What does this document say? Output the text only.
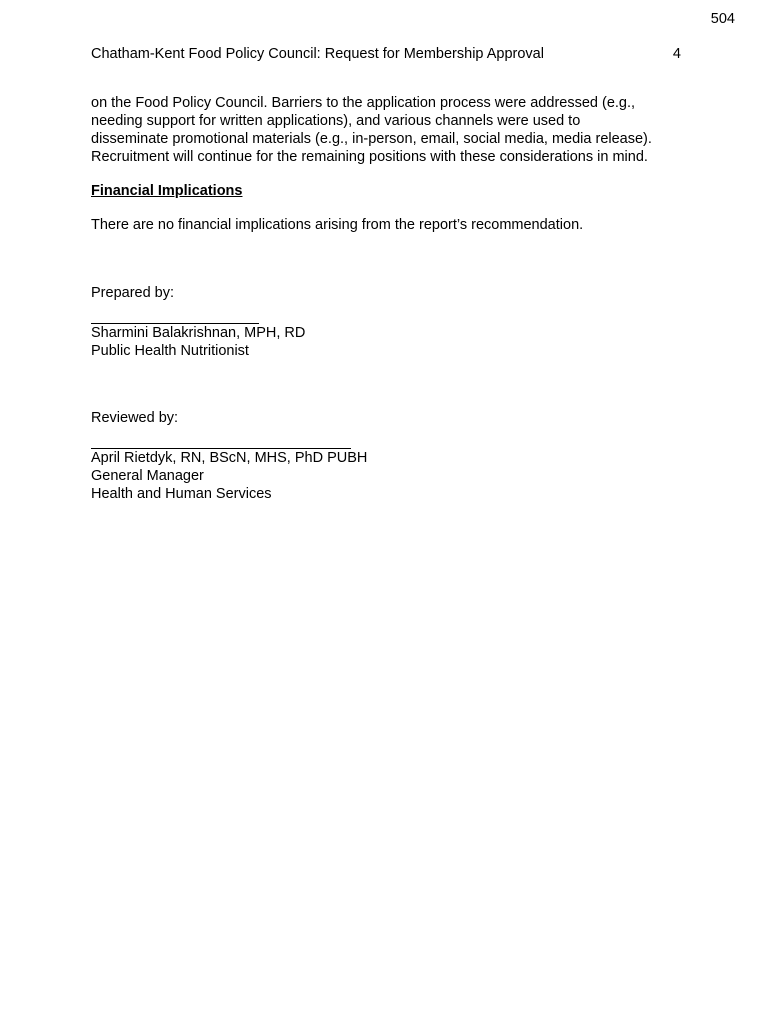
504
Chatham-Kent Food Policy Council: Request for Membership Approval	4
on the Food Policy Council. Barriers to the application process were addressed (e.g.,
needing support for written applications), and various channels were used to
disseminate promotional materials (e.g., in-person, email, social media, media release).
Recruitment will continue for the remaining positions with these considerations in mind.
Financial Implications
There are no financial implications arising from the report’s recommendation.
Prepared by:
Sharmini Balakrishnan, MPH, RD
Public Health Nutritionist
Reviewed by:
April Rietdyk, RN, BScN, MHS, PhD PUBH
General Manager
Health and Human Services
